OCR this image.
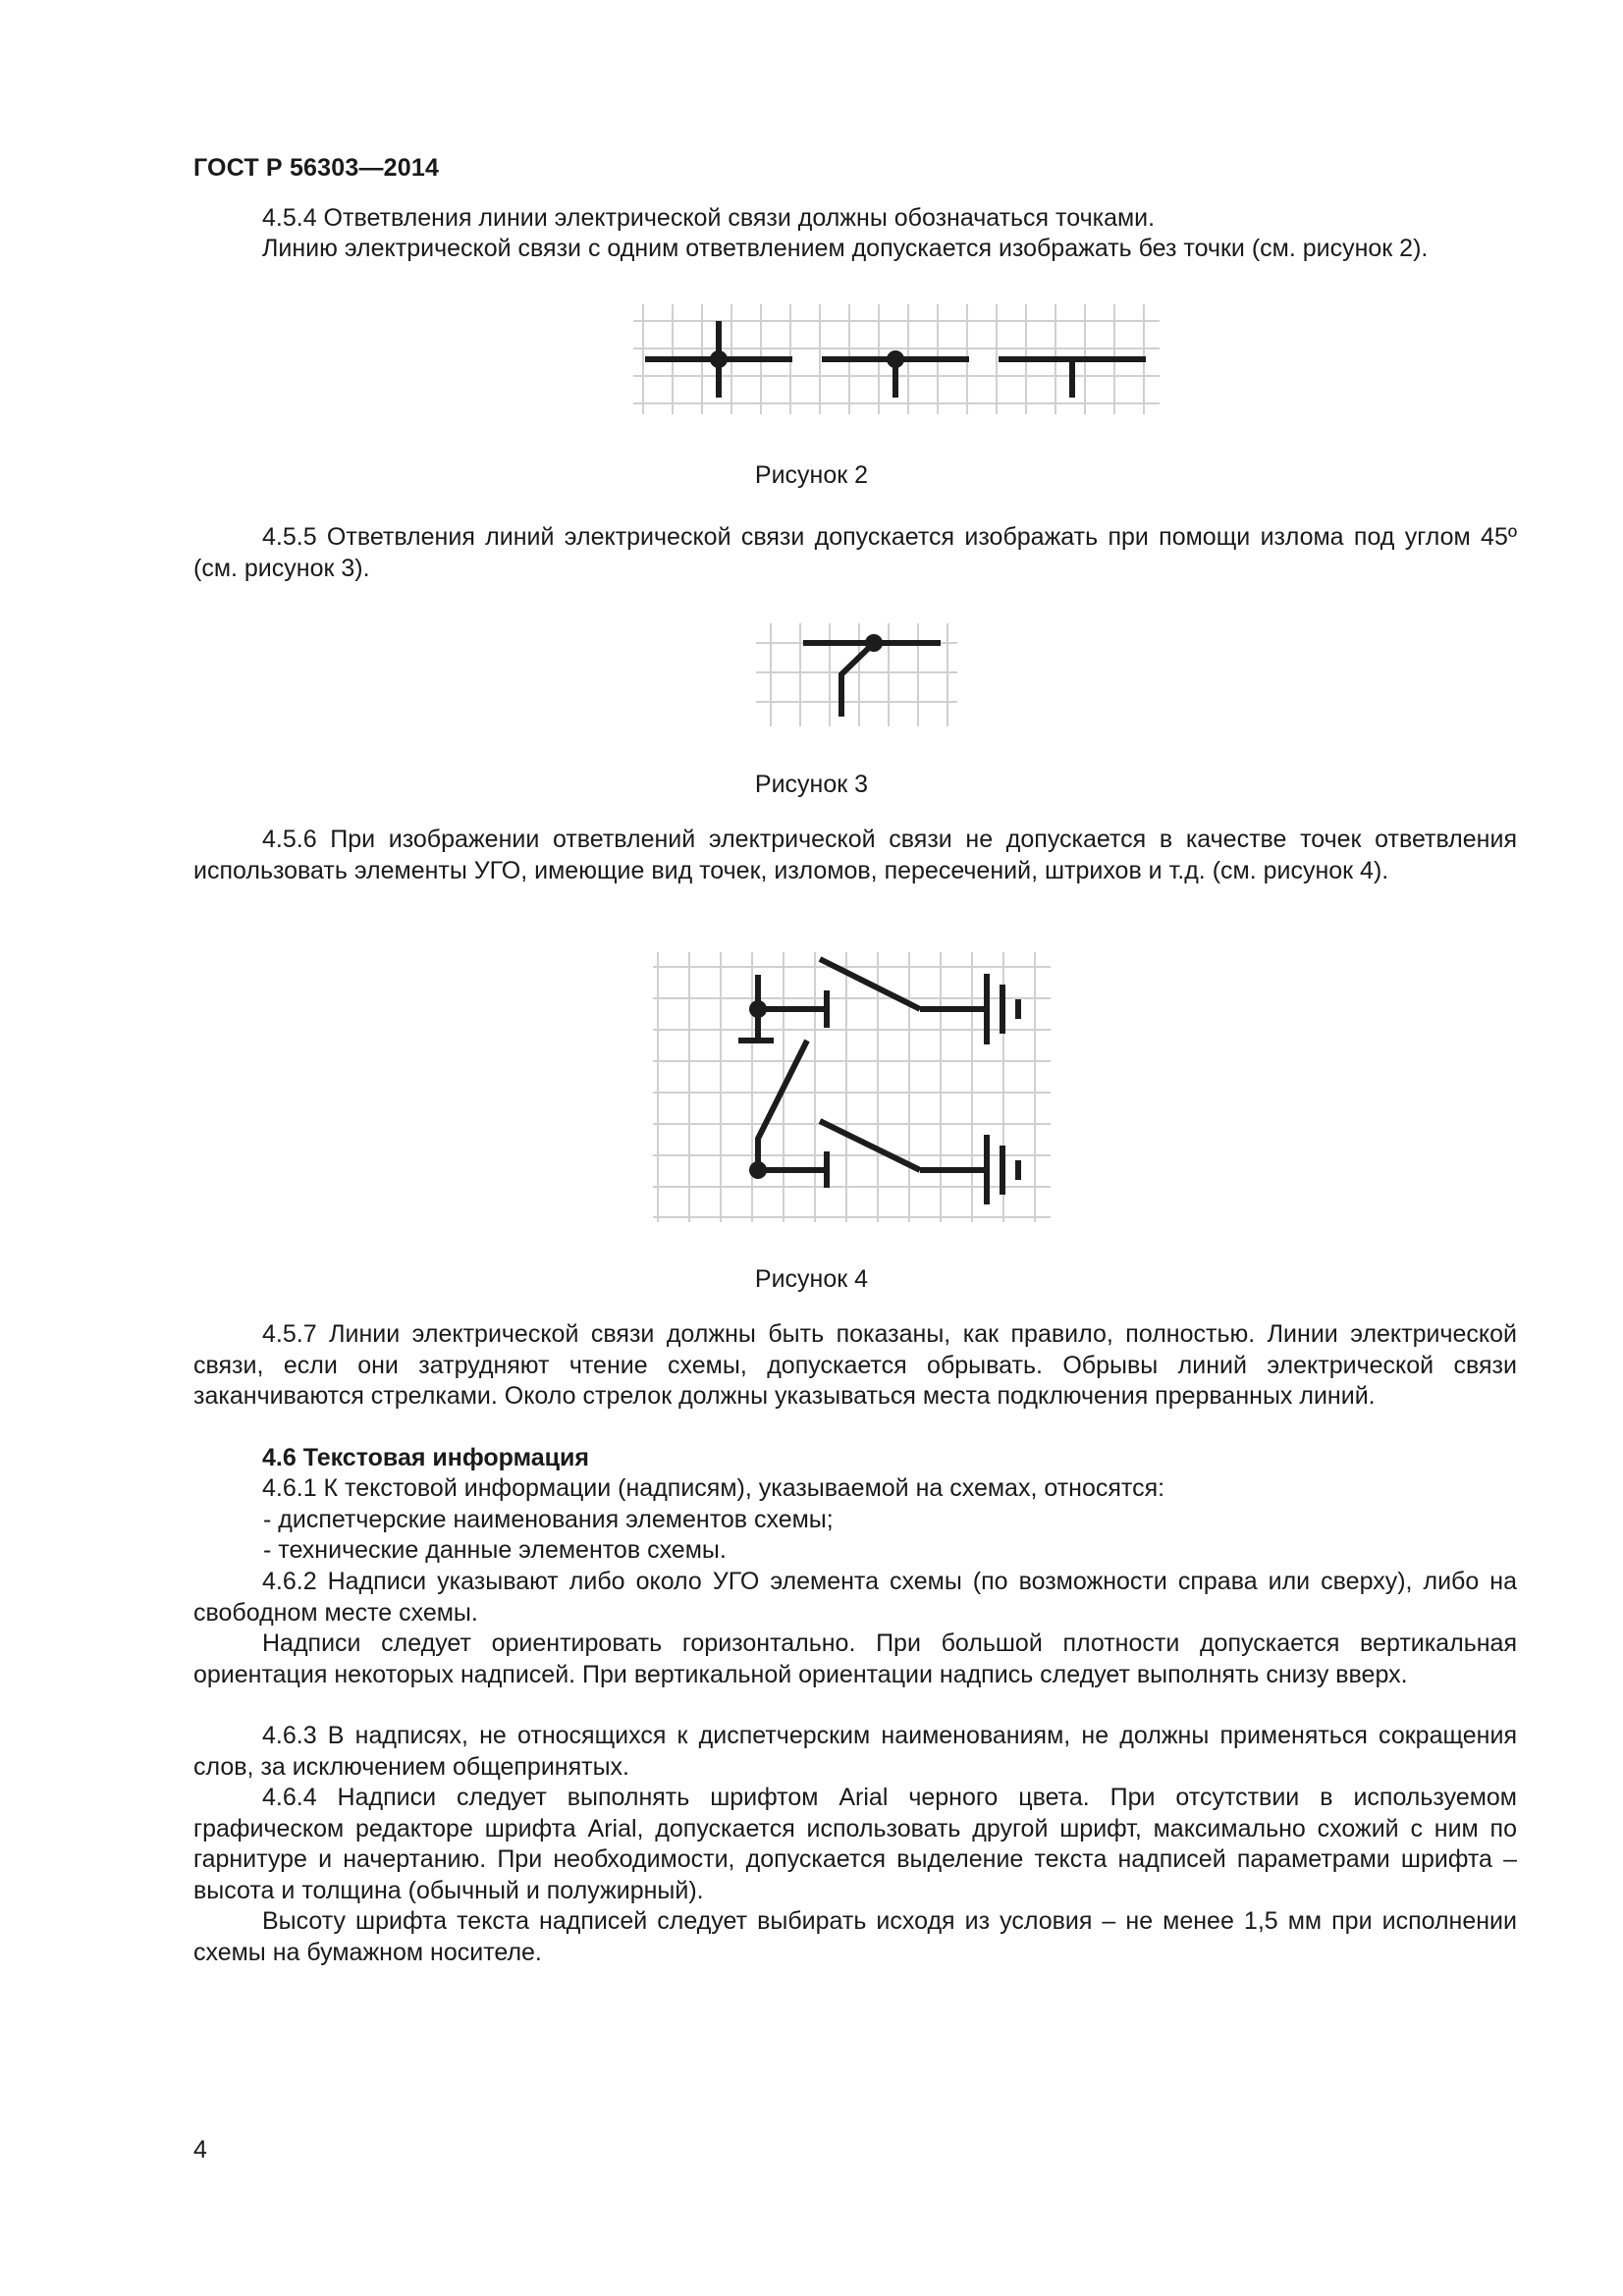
ГОСТ Р 56303—2014

4.5.4 Ответвления линии электрической связи должны обозначаться точками.

Линию электрической связи с одним ответвлением допускается изображать без точки (см. рисунок 2).

Рисунок 2

4.5.5 Ответвления линий электрической связи допускается изображать при помощи излома под углом 45º (см. рисунок 3).

Рисунок 3

4.5.6 При изображении ответвлений электрической связи не допускается в качестве точек ответвления использовать элементы УГО, имеющие вид точек, изломов, пересечений, штрихов и т.д. (см. рисунок 4).

Рисунок 4

4.5.7 Линии электрической связи должны быть показаны, как правило, полностью. Линии электрической связи, если они затрудняют чтение схемы, допускается обрывать. Обрывы линий электрической связи заканчиваются стрелками. Около стрелок должны указываться места подключения прерванных линий.

4.6 Текстовая информация

4.6.1 К текстовой информации (надписям), указываемой на схемах, относятся:

- диспетчерские наименования элементов схемы;

- технические данные элементов схемы.

4.6.2 Надписи указывают либо около УГО элемента схемы (по возможности справа или сверху), либо на свободном месте схемы.

Надписи следует ориентировать горизонтально. При большой плотности допускается вертикальная ориентация некоторых надписей. При вертикальной ориентации надпись следует выполнять снизу вверх.

4.6.3 В надписях, не относящихся к диспетчерским наименованиям, не должны применяться сокращения слов, за исключением общепринятых.

4.6.4 Надписи следует выполнять шрифтом Arial черного цвета. При отсутствии в используемом графическом редакторе шрифта Arial, допускается использовать другой шрифт, максимально схожий с ним по гарнитуре и начертанию. При необходимости, допускается выделение текста надписей параметрами шрифта – высота и толщина (обычный и полужирный).

Высоту шрифта текста надписей следует выбирать исходя из условия – не менее 1,5 мм при исполнении схемы на бумажном носителе.

4
